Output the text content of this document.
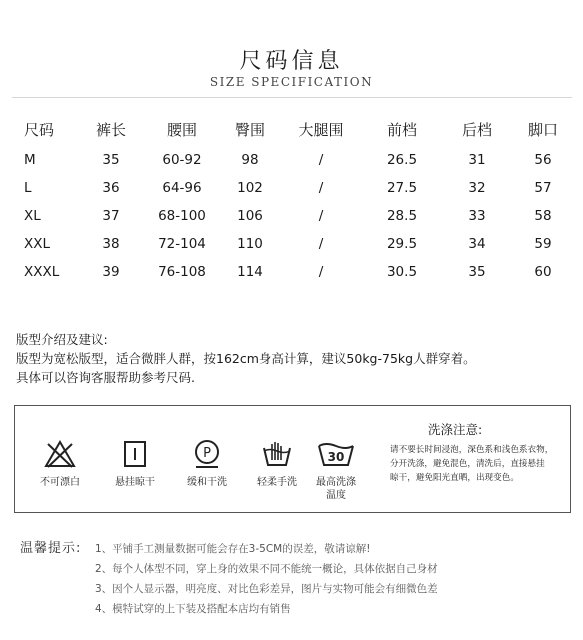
尺码信息
SIZE SPECIFICATION
尺码	裤长	腰围	臀围	大腿围	前档	后档	脚口
M	35	60-92	98	/	26.5	31	56
L	36	64-96	102	/	27.5	32	57
XL	37	68-100	106	/	28.5	33	58
XXL	38	72-104	110	/	29.5	34	59
XXXL	39	76-108	114	/	30.5	35	60
版型介绍及建议:
版型为宽松版型，适合微胖人群，按162cm身高计算，建议50kg-75kg人群穿着。
具体可以咨询客服帮助参考尺码.
不可漂白	悬挂晾干
P
缓和干洗	轻柔手洗
30
最高洗涤温度
洗涤注意:
请不要长时间浸泡，深色系和浅色系衣物，
分开洗涤，避免混色，清洗后，直接悬挂
晾干，避免阳光直晒，出现变色。
温馨提示: 1、平铺手工测量数据可能会存在3-5CM的误差，敬请谅解!
2、每个人体型不同，穿上身的效果不同不能统一概论，具体依据自己身材
3、因个人显示器，明亮度、对比色彩差异，图片与实物可能会有细微色差
4、模特试穿的上下装及搭配本店均有销售
